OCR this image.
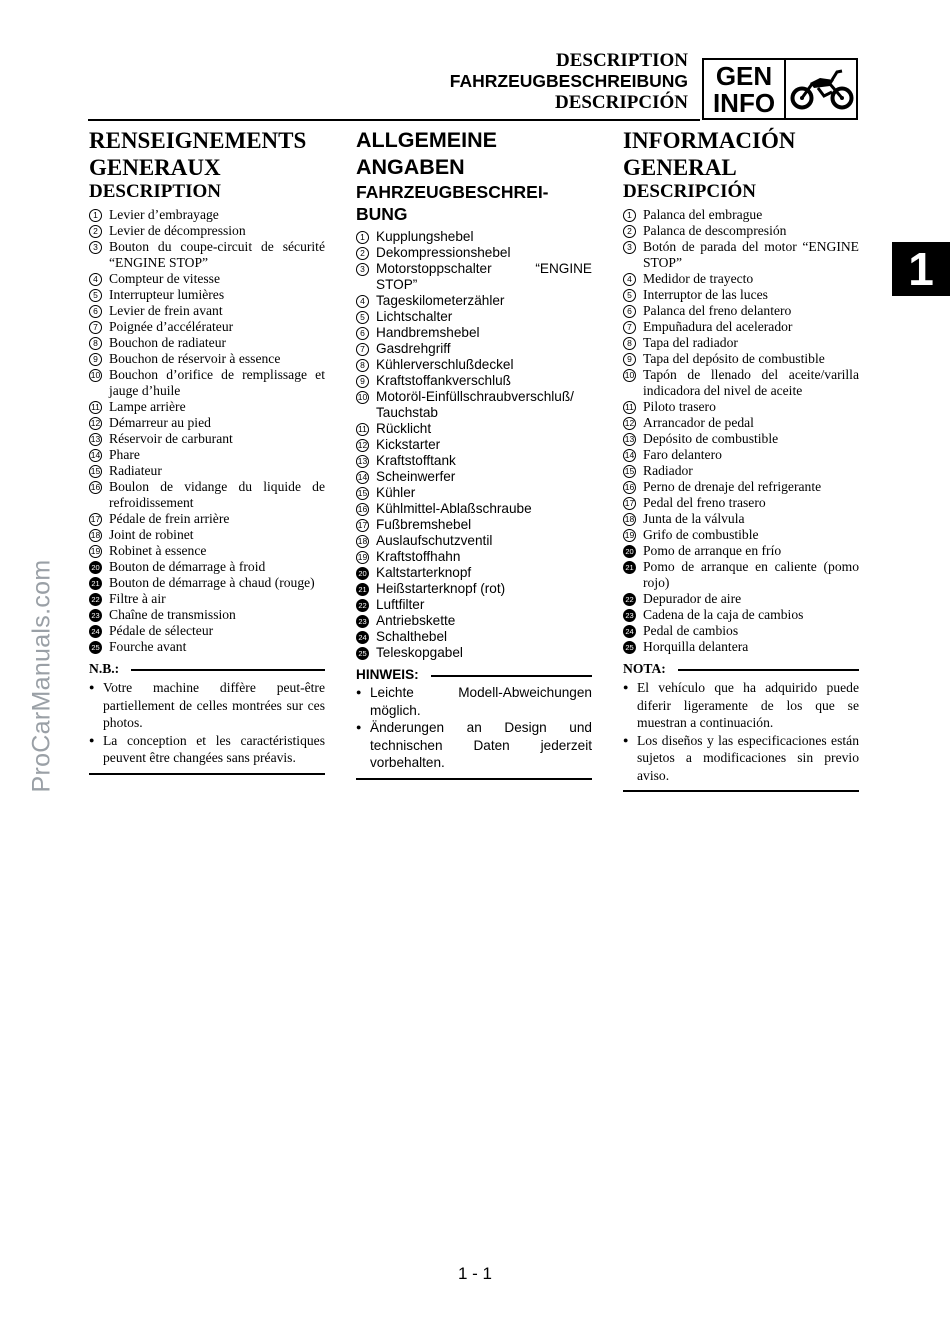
DESCRIPTION
FAHRZEUGBESCHREIBUNG
DESCRIPCIÓN
GEN
INFO
1
ProCarManuals.com

RENSEIGNEMENTS

GENERAUX

DESCRIPTION

1 Levier d’embrayage
2 Levier de décompression
3 Bouton du coupe-circuit de sécurité “ENGINE STOP”
4 Compteur de vitesse
5 Interrupteur lumières
6 Levier de frein avant
7 Poignée d’accélérateur
8 Bouchon de radiateur
9 Bouchon de réservoir à essence
10 Bouchon d’orifice de remplissage et jauge d’huile
11 Lampe arrière
12 Démarreur au pied
13 Réservoir de carburant
14 Phare
15 Radiateur
16 Boulon de vidange du liquide de refroidissement
17 Pédale de frein arrière
18 Joint de robinet
19 Robinet à essence
20 Bouton de démarrage à froid
21 Bouton de démarrage à chaud (rouge)
22 Filtre à air
23 Chaîne de transmission
24 Pédale de sélecteur
25 Fourche avant
N.B.:
● Votre machine diffère peut-être partiellement de celles montrées sur ces photos.
● La conception et les caractéristiques peuvent être changées sans préavis.

ALLGEMEINE

ANGABEN

FAHRZEUGBESCHREI-

BUNG

1 Kupplungshebel
2 Dekompressionshebel
3 Motorstoppschalter “ENGINE STOP”
4 Tageskilometerzähler
5 Lichtschalter
6 Handbremshebel
7 Gasdrehgriff
8 Kühlerverschlußdeckel
9 Kraftstoffankverschluß
10 Motoröl-Einfüllschraubverschluß/ Tauchstab
11 Rücklicht
12 Kickstarter
13 Kraftstofftank
14 Scheinwerfer
15 Kühler
16 Kühlmittel-Ablaßschraube
17 Fußbremshebel
18 Auslaufschutzventil
19 Kraftstoffhahn
20 Kaltstarterknopf
21 Heißstarterknopf (rot)
22 Luftfilter
23 Antriebskette
24 Schalthebel
25 Teleskopgabel
HINWEIS:
● Leichte Modell-Abweichungen möglich.
● Änderungen an Design und technischen Daten jederzeit vorbehalten.

INFORMACIÓN

GENERAL

DESCRIPCIÓN

1 Palanca del embrague
2 Palanca de descompresión
3 Botón de parada del motor “ENGINE STOP”
4 Medidor de trayecto
5 Interruptor de las luces
6 Palanca del freno delantero
7 Empuñadura del acelerador
8 Tapa del radiador
9 Tapa del depósito de combustible
10 Tapón de llenado del aceite/varilla indicadora del nivel de aceite
11 Piloto trasero
12 Arrancador de pedal
13 Depósito de combustible
14 Faro delantero
15 Radiador
16 Perno de drenaje del refrigerante
17 Pedal del freno trasero
18 Junta de la válvula
19 Grifo de combustible
20 Pomo de arranque en frío
21 Pomo de arranque en caliente (pomo rojo)
22 Depurador de aire
23 Cadena de la caja de cambios
24 Pedal de cambios
25 Horquilla delantera
NOTA:
● El vehículo que ha adquirido puede diferir ligeramente de los que se muestran a continuación.
● Los diseños y las especificaciones están sujetos a modificaciones sin previo aviso.
1 - 1
